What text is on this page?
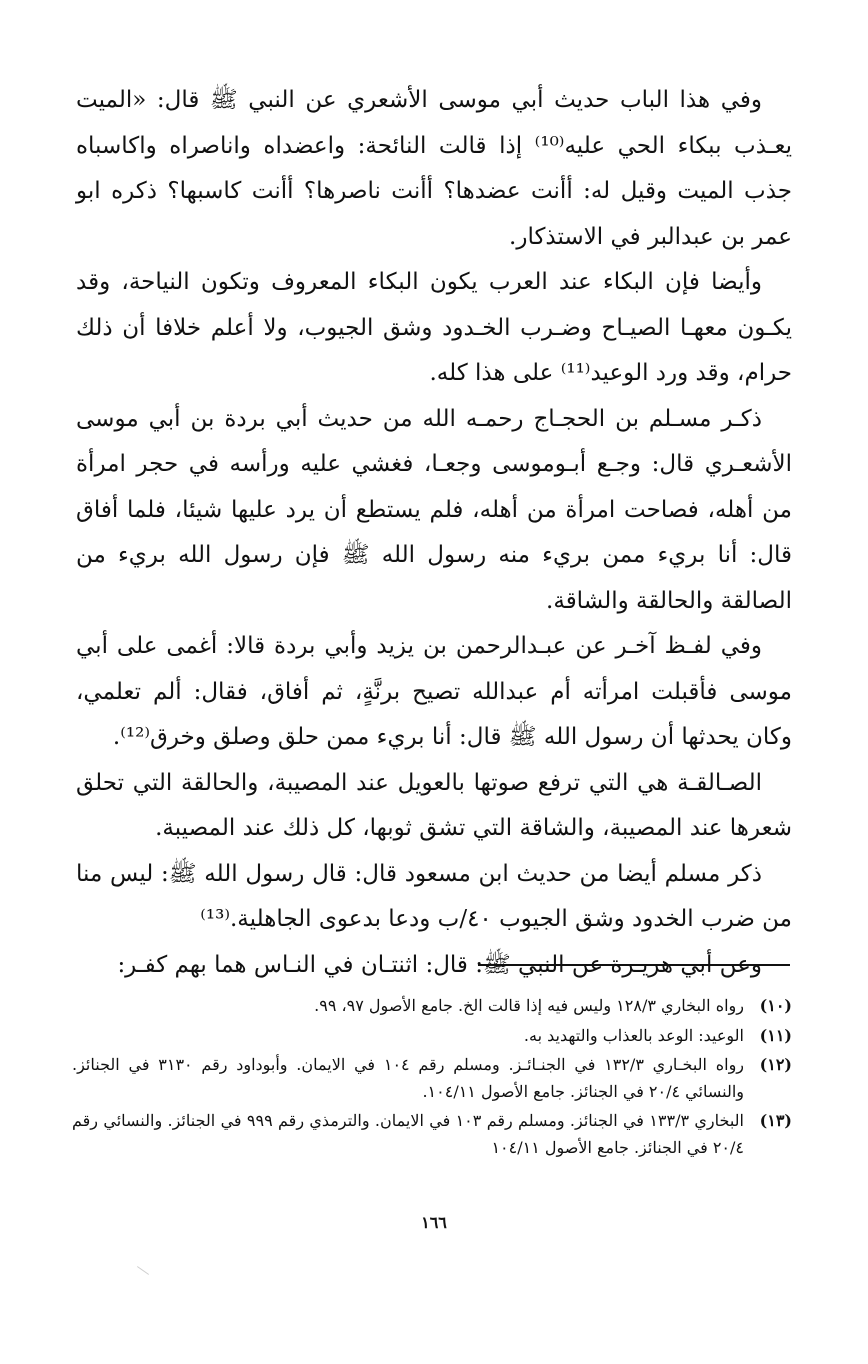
وفي هذا الباب حديث أبي موسى الأشعري عن النبي ﷺ قال: «الميت يعـذب ببكاء الحي عليه⁽¹⁰⁾ إذا قالت النائحة: واعضداه واناصراه واكاسباه جذب الميت وقيل له: أأنت عضدها؟ أأنت ناصرها؟ أأنت كاسبها؟ ذكره ابو عمر بن عبدالبر في الاستذكار.

وأيضا فإن البكاء عند العرب يكون البكاء المعروف وتكون النياحة، وقد يكـون معهـا الصيـاح وضـرب الخـدود وشق الجيوب، ولا أعلم خلافا أن ذلك حرام، وقد ورد الوعيد⁽¹¹⁾ على هذا كله.

ذكـر مسـلم بن الحجـاج رحمـه الله من حديث أبي بردة بن أبي موسى الأشعـري قال: وجـع أبـوموسى وجعـا، فغشي عليه ورأسه في حجر امرأة من أهله، فصاحت امرأة من أهله، فلم يستطع أن يرد عليها شيئا، فلما أفاق قال: أنا بريء ممن بريء منه رسول الله ﷺ فإن رسول الله بريء من الصالقة والحالقة والشاقة.

وفي لفـظ آخـر عن عبـدالرحمن بن يزيد وأبي بردة قالا: أغمى على أبي موسى فأقبلت امرأته أم عبدالله تصيح برنَّةٍ، ثم أفاق، فقال: ألم تعلمي، وكان يحدثها أن رسول الله ﷺ قال: أنا بريء ممن حلق وصلق وخرق⁽¹²⁾.

الصـالقـة هي التي ترفع صوتها بالعويل عند المصيبة، والحالقة التي تحلق شعرها عند المصيبة، والشاقة التي تشق ثوبها، كل ذلك عند المصيبة.

ذكر مسلم أيضا من حديث ابن مسعود قال: قال رسول الله ﷺ: ليس منا من ضرب الخدود وشق الجيوب ٤٠/ب ودعا بدعوى الجاهلية.⁽¹³⁾

وعن أبي هريـرة عن النبي ﷺ: قال: اثنتـان في النـاس هما بهم كفـر:

(١٠)
رواه البخاري ١٢٨/٣ وليس فيه إذا قالت الخ. جامع الأصول ٩٧، ٩٩.
(١١)
الوعيد: الوعد بالعذاب والتهديد به.
(١٢)
رواه البخـاري ١٣٢/٣ في الجنـائـز. ومسلم رقم ١٠٤ في الايمان. وأبوداود رقم ٣١٣٠ في الجنائز. والنسائي ٢٠/٤ في الجنائز. جامع الأصول ١٠٤/١١.
(١٣)
البخاري ١٣٣/٣ في الجنائز. ومسلم رقم ١٠٣ في الايمان. والترمذي رقم ٩٩٩ في الجنائز. والنسائي رقم ٢٠/٤ في الجنائز. جامع الأصول ١٠٤/١١
١٦٦
